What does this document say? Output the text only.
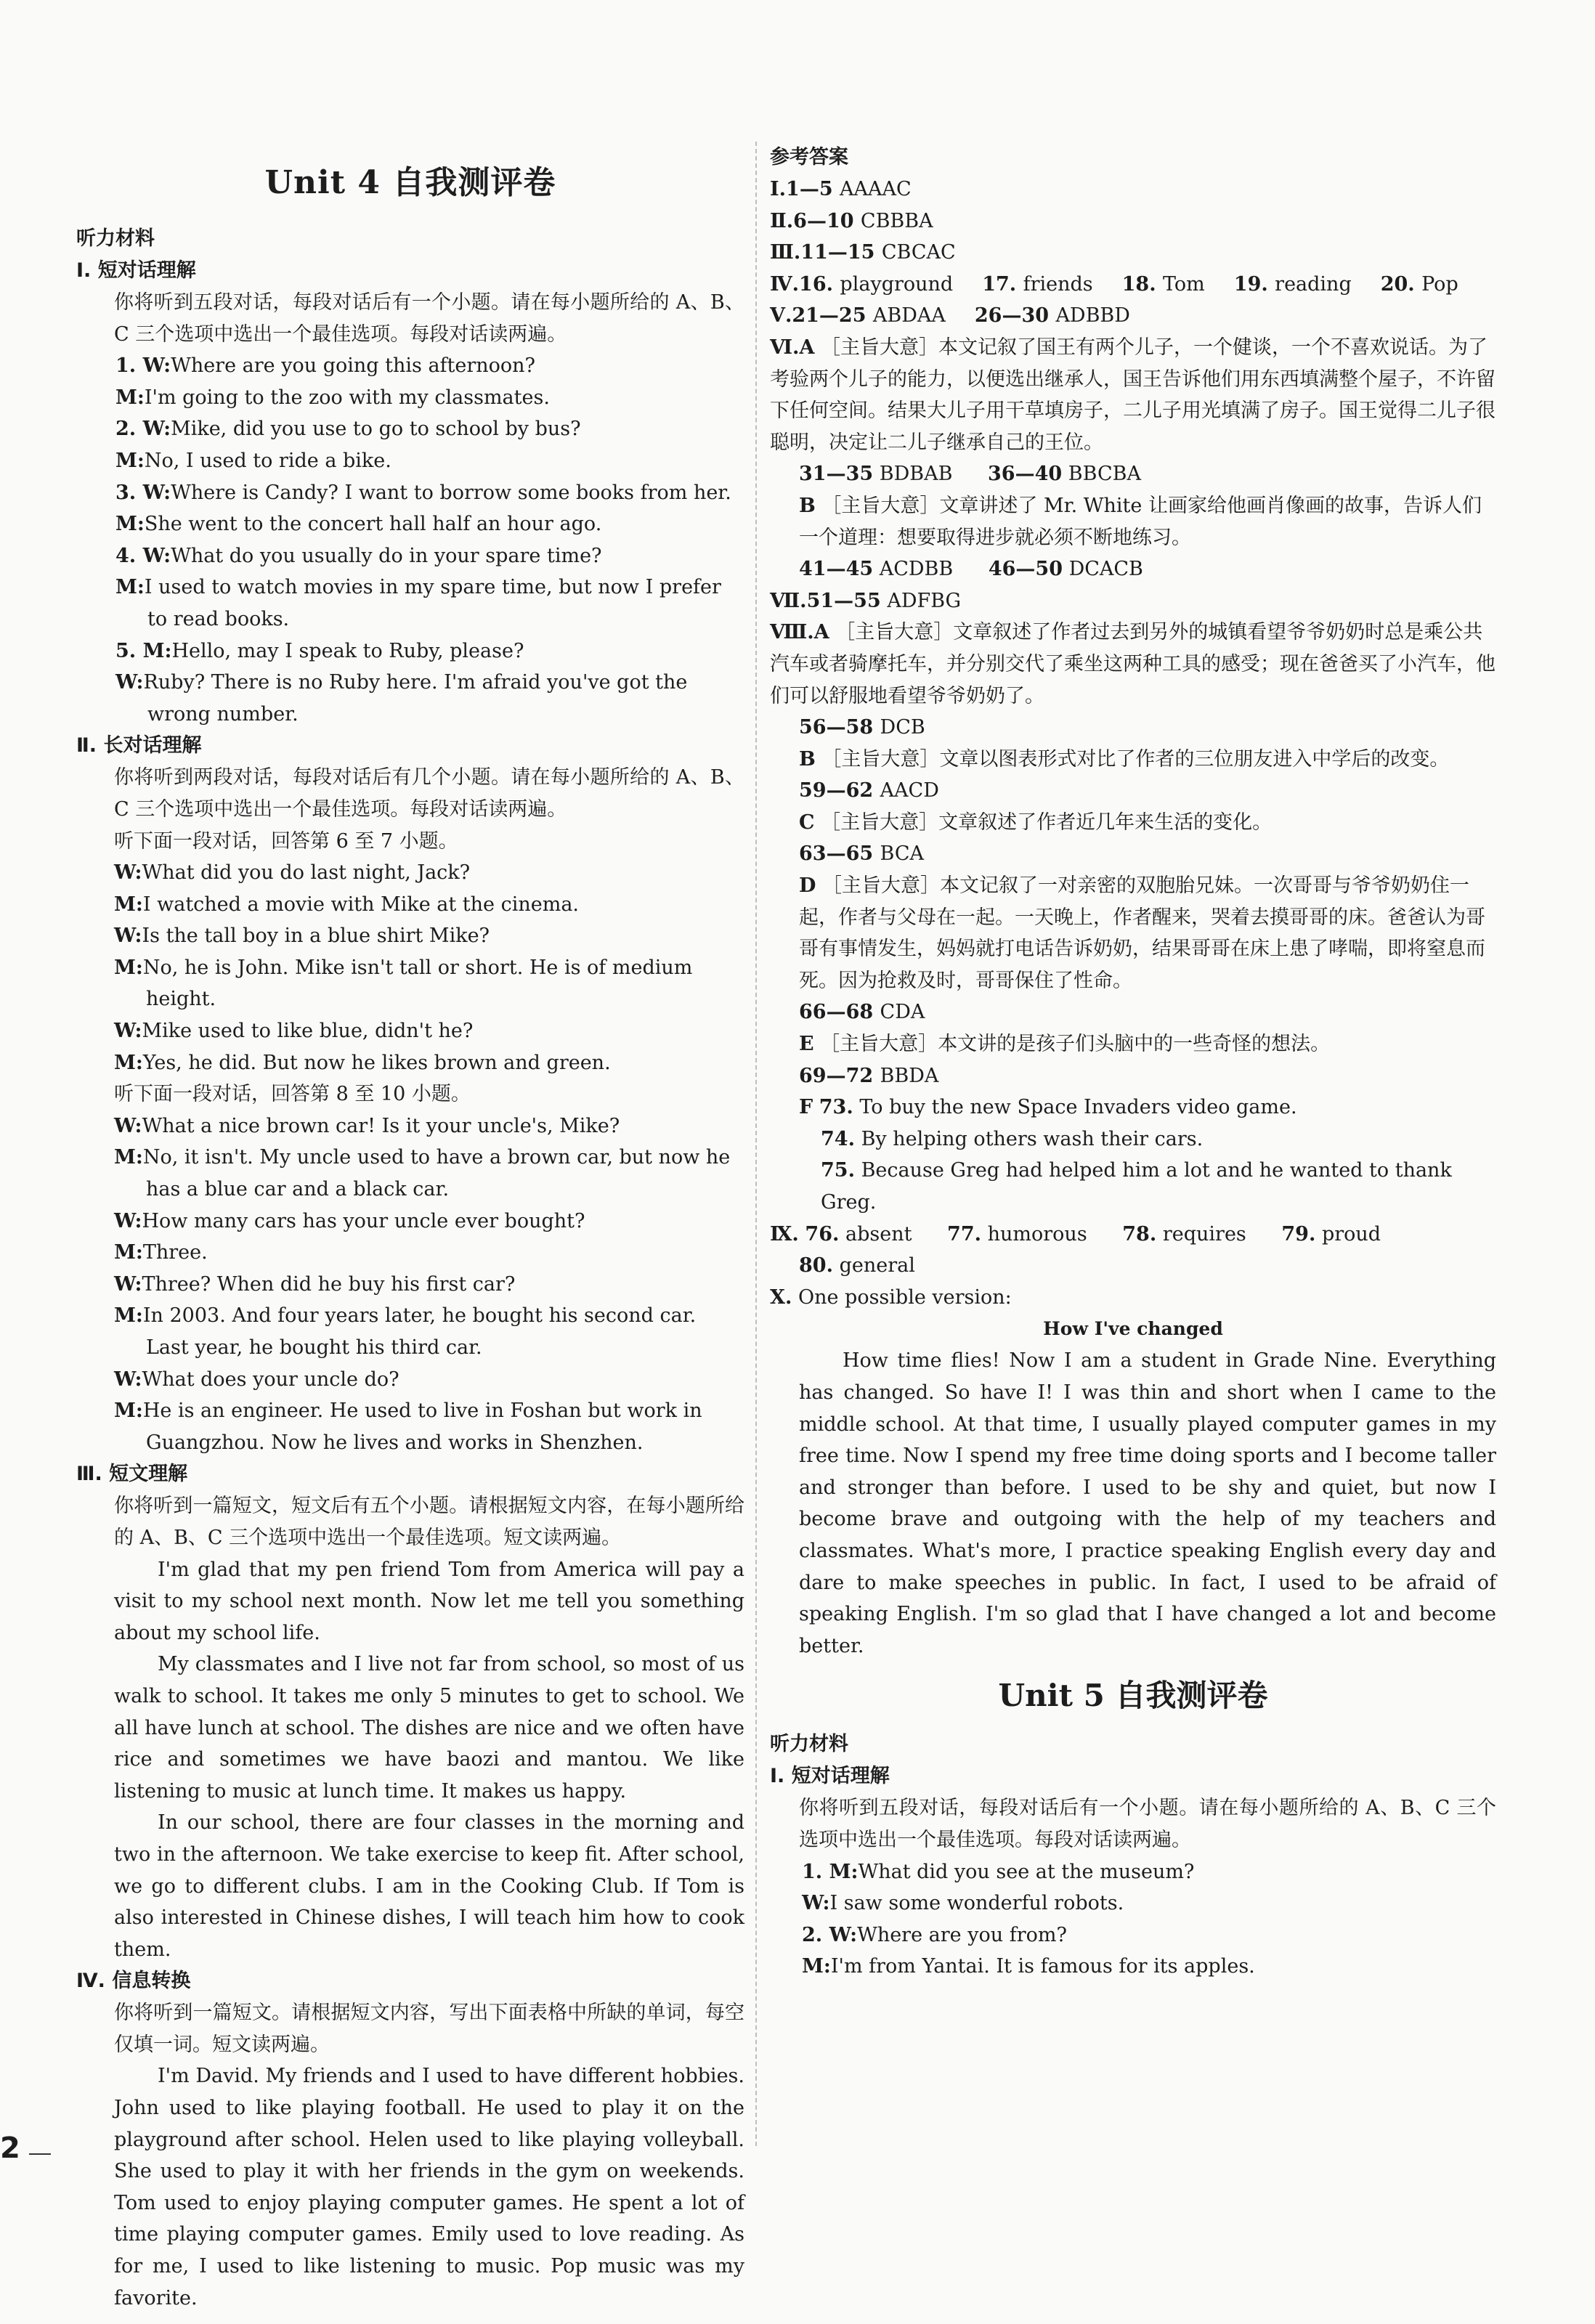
Unit 4 自我测评卷
听力材料
Ⅰ. 短对话理解

你将听到五段对话，每段对话后有一个小题。请在每小题所给的 A、B、C 三个选项中选出一个最佳选项。每段对话读两遍。

1. W:Where are you going this afternoon?
M:I'm going to the zoo with my classmates.
2. W:Mike, did you use to go to school by bus?
M:No, I used to ride a bike.
3. W:Where is Candy? I want to borrow some books from her.
M:She went to the concert hall half an hour ago.
4. W:What do you usually do in your spare time?
M:I used to watch movies in my spare time, but now I prefer to read books.
5. M:Hello, may I speak to Ruby, please?
W:Ruby? There is no Ruby here. I'm afraid you've got the wrong number.
Ⅱ. 长对话理解

你将听到两段对话，每段对话后有几个小题。请在每小题所给的 A、B、C 三个选项中选出一个最佳选项。每段对话读两遍。

听下面一段对话，回答第 6 至 7 小题。

W:What did you do last night, Jack?
M:I watched a movie with Mike at the cinema.
W:Is the tall boy in a blue shirt Mike?
M:No, he is John. Mike isn't tall or short. He is of medium height.
W:Mike used to like blue, didn't he?
M:Yes, he did. But now he likes brown and green.

听下面一段对话，回答第 8 至 10 小题。

W:What a nice brown car! Is it your uncle's, Mike?
M:No, it isn't. My uncle used to have a brown car, but now he has a blue car and a black car.
W:How many cars has your uncle ever bought?
M:Three.
W:Three? When did he buy his first car?
M:In 2003. And four years later, he bought his second car. Last year, he bought his third car.
W:What does your uncle do?
M:He is an engineer. He used to live in Foshan but work in Guangzhou. Now he lives and works in Shenzhen.
Ⅲ. 短文理解

你将听到一篇短文，短文后有五个小题。请根据短文内容，在每小题所给的 A、B、C 三个选项中选出一个最佳选项。短文读两遍。

I'm glad that my pen friend Tom from America will pay a visit to my school next month. Now let me tell you something about my school life.

My classmates and I live not far from school, so most of us walk to school. It takes me only 5 minutes to get to school. We all have lunch at school. The dishes are nice and we often have rice and sometimes we have baozi and mantou. We like listening to music at lunch time. It makes us happy.

In our school, there are four classes in the morning and two in the afternoon. We take exercise to keep fit. After school, we go to different clubs. I am in the Cooking Club. If Tom is also interested in Chinese dishes, I will teach him how to cook them.

Ⅳ. 信息转换

你将听到一篇短文。请根据短文内容，写出下面表格中所缺的单词，每空仅填一词。短文读两遍。

I'm David. My friends and I used to have different hobbies. John used to like playing football. He used to play it on the playground after school. Helen used to like playing volleyball. She used to play it with her friends in the gym on weekends. Tom used to enjoy playing computer games. He spent a lot of time playing computer games. Emily used to love reading. As for me, I used to like listening to music. Pop music was my favorite.

参考答案
Ⅰ.1—5 AAAAC
Ⅱ.6—10 CBBBA
Ⅲ.11—15 CBCAC
Ⅳ.16. playground 17. friends 18. Tom 19. reading 20. Pop
Ⅴ.21—25 ABDAA 26—30 ADBBD
Ⅵ.A ［主旨大意］本文记叙了国王有两个儿子，一个健谈，一个不喜欢说话。为了考验两个儿子的能力，以便选出继承人，国王告诉他们用东西填满整个屋子，不许留下任何空间。结果大儿子用干草填房子，二儿子用光填满了房子。国王觉得二儿子很聪明，决定让二儿子继承自己的王位。
31—35 BDBAB 36—40 BBCBA
B ［主旨大意］文章讲述了 Mr. White 让画家给他画肖像画的故事，告诉人们一个道理：想要取得进步就必须不断地练习。
41—45 ACDBB 46—50 DCACB
Ⅶ.51—55 ADFBG
Ⅷ.A ［主旨大意］文章叙述了作者过去到另外的城镇看望爷爷奶奶时总是乘公共汽车或者骑摩托车，并分别交代了乘坐这两种工具的感受；现在爸爸买了小汽车，他们可以舒服地看望爷爷奶奶了。
56—58 DCB
B ［主旨大意］文章以图表形式对比了作者的三位朋友进入中学后的改变。
59—62 AACD
C ［主旨大意］文章叙述了作者近几年来生活的变化。
63—65 BCA
D ［主旨大意］本文记叙了一对亲密的双胞胎兄妹。一次哥哥与爷爷奶奶住一起，作者与父母在一起。一天晚上，作者醒来，哭着去摸哥哥的床。爸爸认为哥哥有事情发生，妈妈就打电话告诉奶奶，结果哥哥在床上患了哮喘，即将窒息而死。因为抢救及时，哥哥保住了性命。
66—68 CDA
E ［主旨大意］本文讲的是孩子们头脑中的一些奇怪的想法。
69—72 BBDA
F 73. To buy the new Space Invaders video game.
74. By helping others wash their cars.
75. Because Greg had helped him a lot and he wanted to thank Greg.
Ⅸ. 76. absent 77. humorous 78. requires 79. proud
80. general
Ⅹ. One possible version:
How I've changed

How time flies! Now I am a student in Grade Nine. Everything has changed. So have I! I was thin and short when I came to the middle school. At that time, I usually played computer games in my free time. Now I spend my free time doing sports and I become taller and stronger than before. I used to be shy and quiet, but now I become brave and outgoing with the help of my teachers and classmates. What's more, I practice speaking English every day and dare to make speeches in public. In fact, I used to be afraid of speaking English. I'm so glad that I have changed a lot and become better.

Unit 5 自我测评卷
听力材料
Ⅰ. 短对话理解

你将听到五段对话，每段对话后有一个小题。请在每小题所给的 A、B、C 三个选项中选出一个最佳选项。每段对话读两遍。

1. M:What did you see at the museum?
W:I saw some wonderful robots.
2. W:Where are you from?
M:I'm from Yantai. It is famous for its apples.
2
